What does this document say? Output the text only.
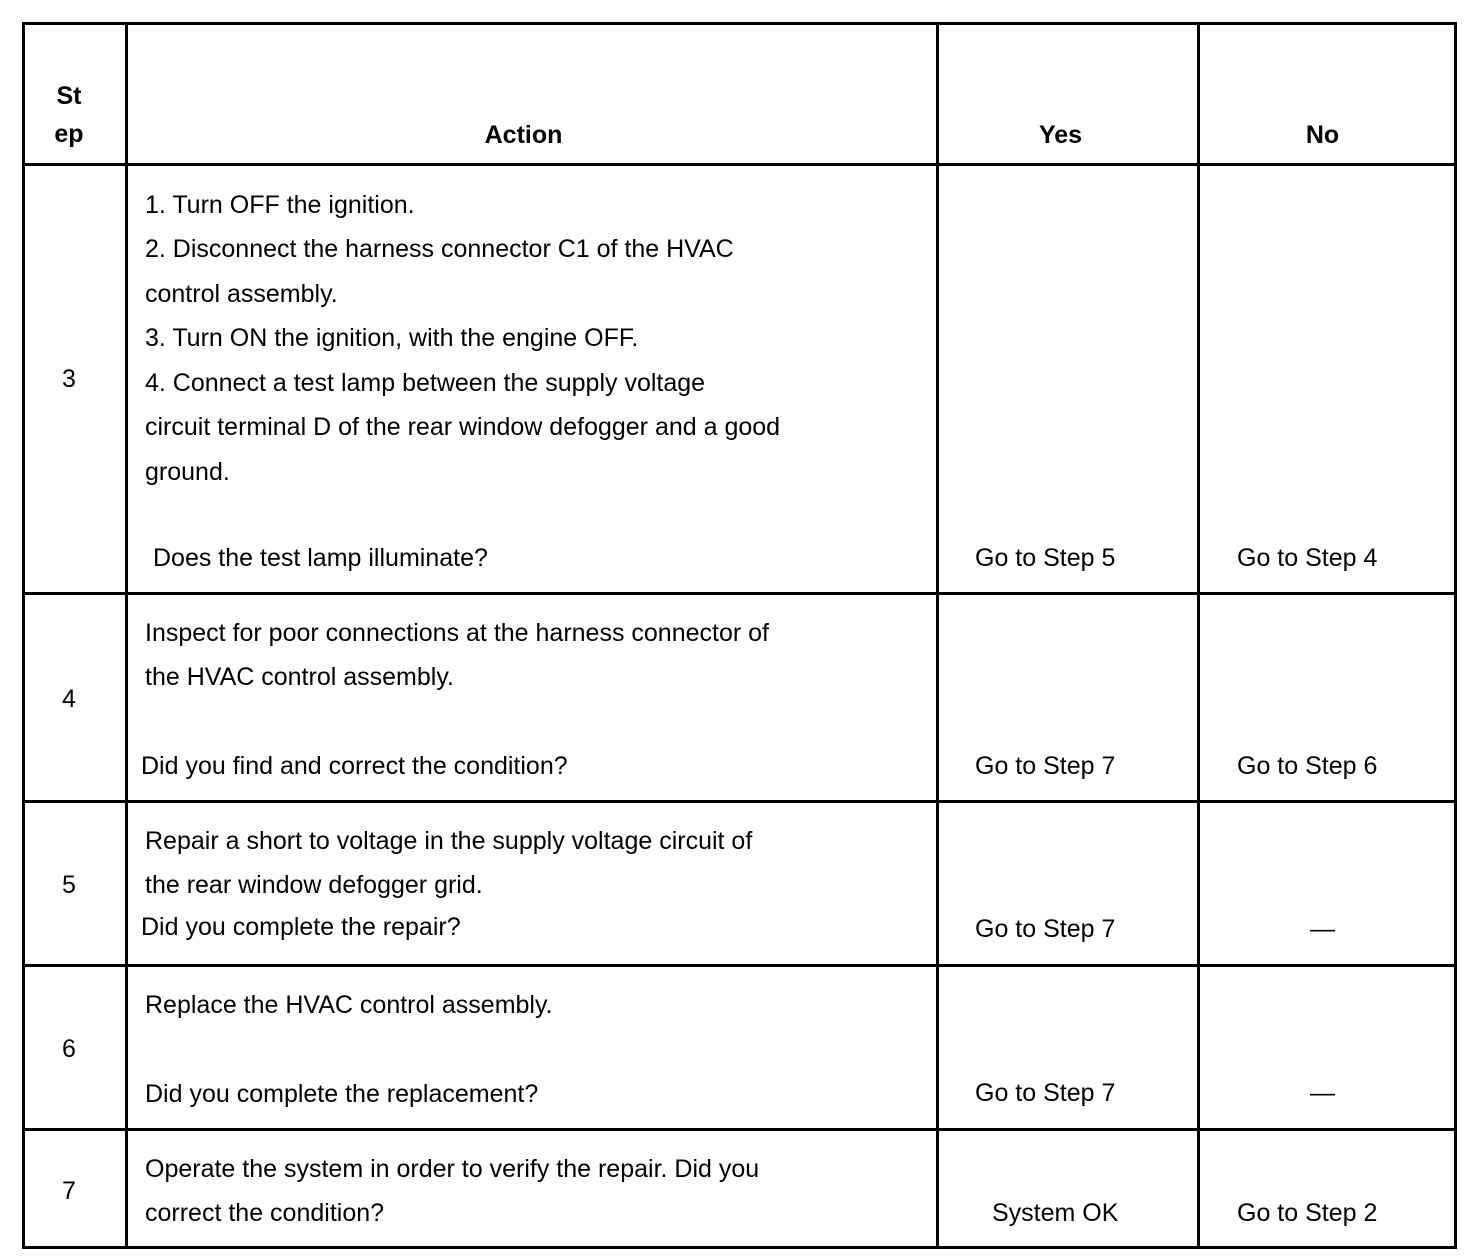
St
ep	Action	Yes	No
3
1. Turn OFF the ignition.
2. Disconnect the harness connector C1 of the HVAC
control assembly.
3. Turn ON the ignition, with the engine OFF.
4. Connect a test lamp between the supply voltage
circuit terminal D of the rear window defogger and a good
ground.
Does the test lamp illuminate?	Go to Step 5	Go to Step 4
4
Inspect for poor connections at the harness connector of
the HVAC control assembly.
Did you find and correct the condition?	Go to Step 7	Go to Step 6
5
Repair a short to voltage in the supply voltage circuit of
the rear window defogger grid.
Did you complete the repair?	Go to Step 7	—
6
Replace the HVAC control assembly.
Did you complete the replacement?	Go to Step 7	—
7
Operate the system in order to verify the repair. Did you
correct the condition?	System OK	Go to Step 2
